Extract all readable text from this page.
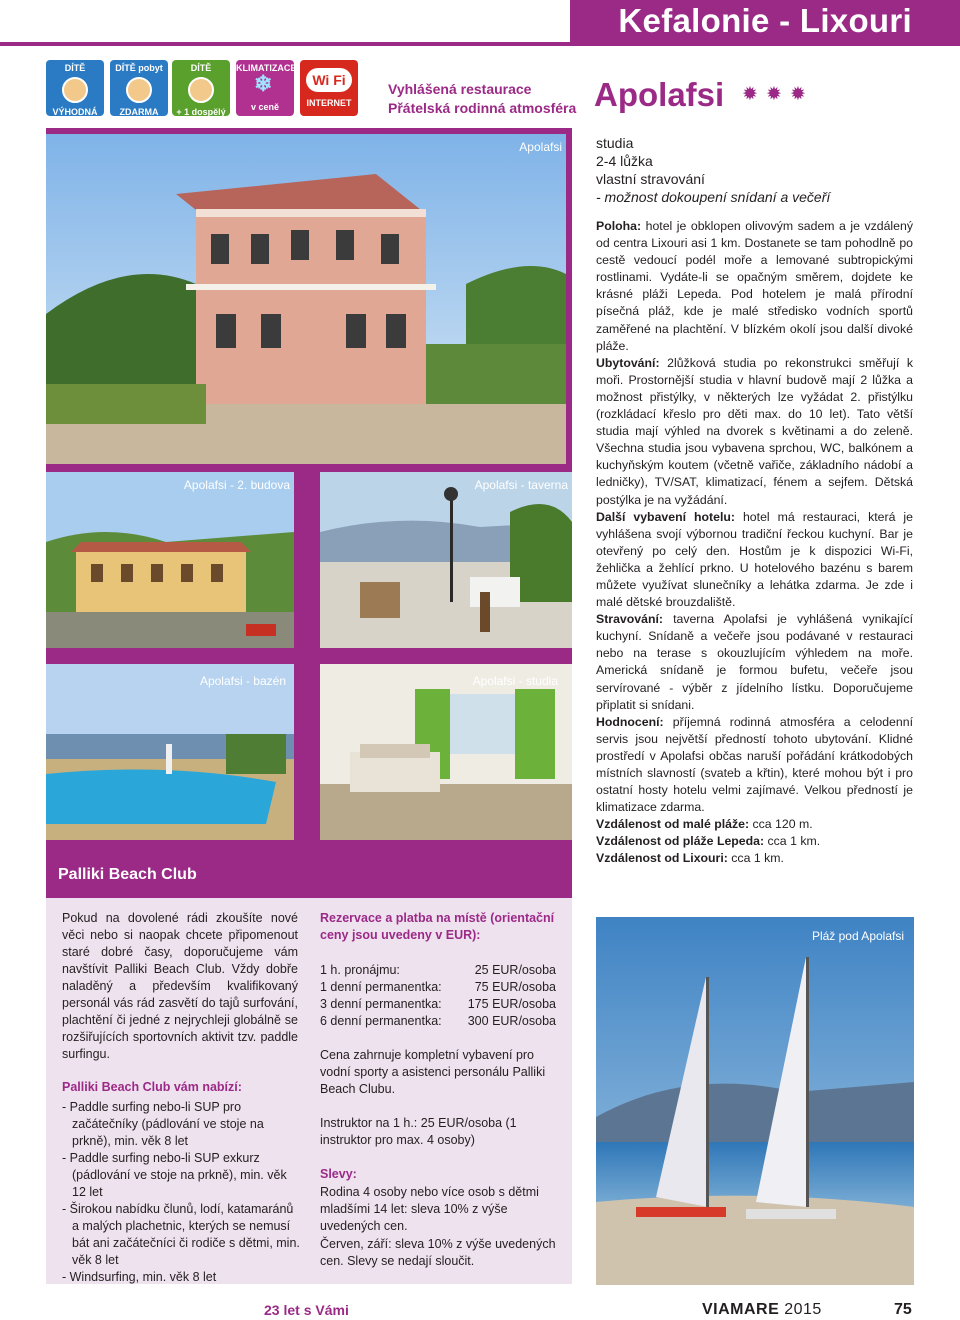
Kefalonie - Lixouri
DÍTĚ
VÝHODNÁ CENA
DÍTĚ pobyt
ZDARMA
DÍTĚ
+ 1 dospělý
KLIMATIZACE
❄
v ceně
Wi Fi
INTERNET
Vyhlášená restaurace
Přátelská rodinná atmosféra Apolafsi ✹ ✹ ✹
Apolafsi
Apolafsi - 2. budova	Apolafsi - taverna
Apolafsi - bazén	Apolafsi - studia
Palliki Beach Club
Pokud na dovolené rádi zkoušíte nové věci nebo si naopak chcete připomenout staré dobré časy, doporučujeme vám navštívit Palliki Beach Club. Vždy dobře naladěný a především kvalifikovaný personál vás rád zasvětí do tajů surfování, plachtění či jedné z nejrychleji globálně se rozšiřujících sportovních aktivit tzv. paddle surfingu.
Palliki Beach Club vám nabízí:
- Paddle surfing nebo-li SUP pro začátečníky (pádlování ve stoje na prkně), min. věk 8 let
- Paddle surfing nebo-li SUP exkurz (pádlování ve stoje na prkně), min. věk 12 let
- Širokou nabídku člunů, lodí, katamaránů a malých plachetnic, kterých se nemusí bát ani začátečníci či rodiče s dětmi, min. věk 8 let
- Windsurfing, min. věk 8 let
Rezervace a platba na místě (orientační ceny jsou uvedeny v EUR):
1 h. pronájmu:	25 EUR/osoba
1 denní permanentka:	75 EUR/osoba
3 denní permanentka: 175 EUR/osoba
6 denní permanentka: 300 EUR/osoba
Cena zahrnuje kompletní vybavení pro vodní sporty a asistenci personálu Palliki Beach Clubu.
Instruktor na 1 h.: 25 EUR/osoba (1 instruktor pro max. 4 osoby)
Slevy:
Rodina 4 osoby nebo více osob s dětmi mladšími 14 let: sleva 10% z výše uvedených cen.
Červen, září: sleva 10% z výše uvedených cen. Slevy se nedají sloučit.
studia
2-4 lůžka
vlastní stravování
- možnost dokoupení snídaní a večeří

Poloha: hotel je obklopen olivovým sadem a je vzdálený od centra Lixouri asi 1 km. Dostanete se tam pohodlně po cestě vedoucí podél moře a lemované subtropickými rostlinami. Vydáte-li se opačným směrem, dojdete ke krásné pláži Lepeda. Pod hotelem je malá přírodní písečná pláž, kde je malé středisko vodních sportů zaměřené na plachtění. V blízkém okolí jsou další divoké pláže.

Ubytování: 2lůžková studia po rekonstrukci směřují k moři. Prostornější studia v hlavní budově mají 2 lůžka a možnost přistýlky, v některých lze vyžádat 2. přistýlku (rozkládací křeslo pro děti max. do 10 let). Tato větší studia mají výhled na dvorek s květinami a do zeleně. Všechna studia jsou vybavena sprchou, WC, balkónem a kuchyňským koutem (včetně vařiče, základního nádobí a ledničky), TV/SAT, klimatizací, fénem a sejfem. Dětská postýlka je na vyžádání.

Další vybavení hotelu: hotel má restauraci, která je vyhlášena svojí výbornou tradiční řeckou kuchyní. Bar je otevřený po celý den. Hostům je k dispozici Wi-Fi, žehlička a žehlící prkno. U hotelového bazénu s barem můžete využívat slunečníky a lehátka zdarma. Je zde i malé dětské brouzdaliště.

Stravování: taverna Apolafsi je vyhlášená vynikající kuchyní. Snídaně a večeře jsou podávané v restauraci nebo na terase s okouzlujícím výhledem na moře. Americká snídaně je formou bufetu, večeře jsou servírované - výběr z jídelního lístku. Doporučujeme připlatit si snídani.

Hodnocení: příjemná rodinná atmosféra a celodenní servis jsou největší předností tohoto ubytování. Klidné prostředí v Apolafsi občas naruší pořádání krátkodobých místních slavností (svateb a křtin), které mohou být i pro ostatní hosty hotelu velmi zajímavé. Velkou předností je klimatizace zdarma.

Vzdálenost od malé pláže: cca 120 m.

Vzdálenost od pláže Lepeda: cca 1 km.

Vzdálenost od Lixouri: cca 1 km.

Pláž pod Apolafsi
23 let s Vámi	VIAMARE 2015	75
